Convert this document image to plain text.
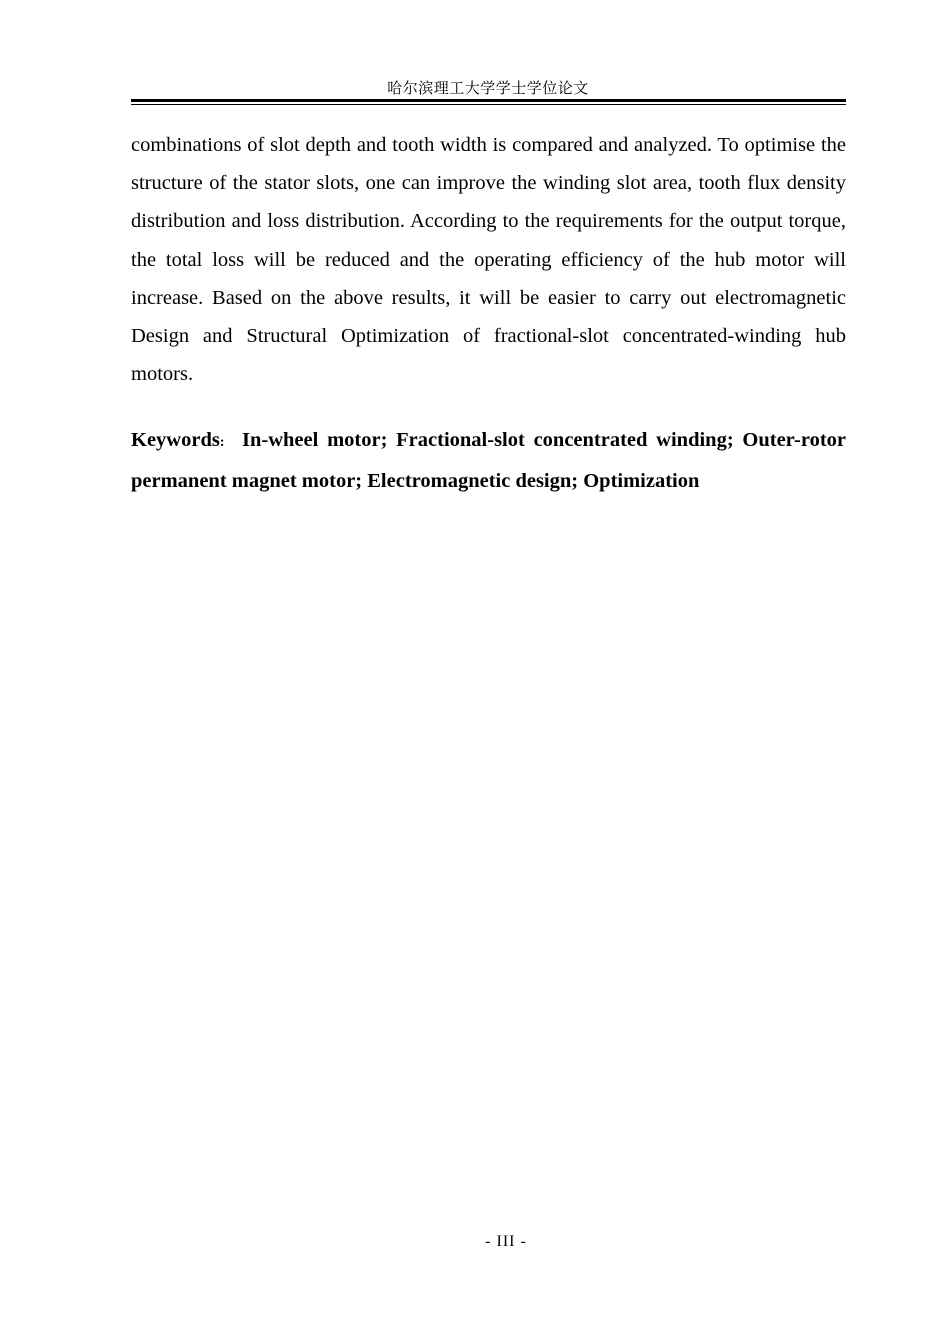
哈尔滨理工大学学士学位论文

combinations of slot depth and tooth width is compared and analyzed. To optimise the structure of the stator slots, one can improve the winding slot area, tooth flux density distribution and loss distribution. According to the requirements for the output torque, the total loss will be reduced and the operating efficiency of the hub motor will increase. Based on the above results, it will be easier to carry out electromagnetic Design and Structural Optimization of fractional-slot concentrated-winding hub motors.

Keywords: In-wheel motor; Fractional-slot concentrated winding; Outer-rotor permanent magnet motor; Electromagnetic design; Optimization

- III -
